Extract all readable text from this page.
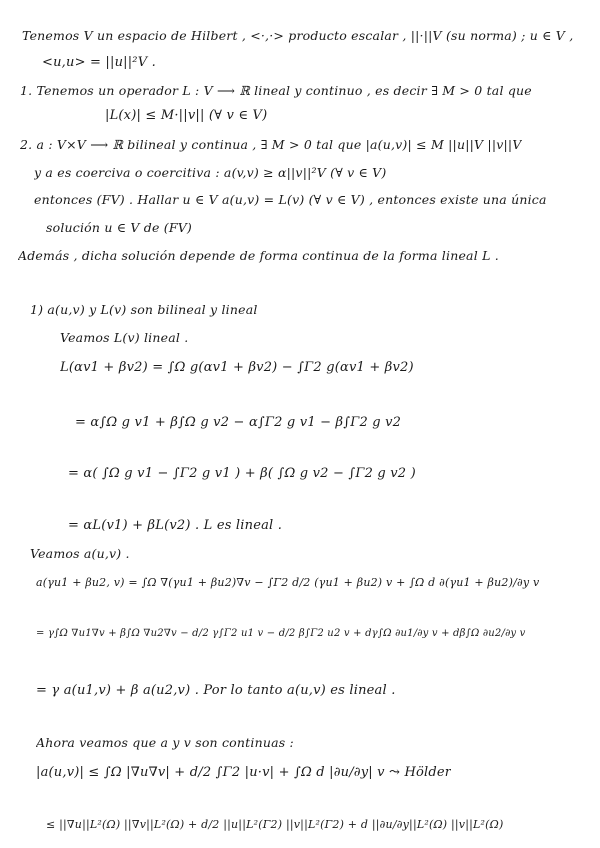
Tenemos V un espacio de Hilbert , <·,·> producto escalar , ||·||V (su norma) ; u ∈ V ,
<u,u> = ||u||²V .
1. Tenemos un operador L : V ⟶ ℝ lineal y continuo , es decir ∃ M > 0 tal que
|L(x)| ≤ M·||v|| (∀ v ∈ V)
2. a : V×V ⟶ ℝ bilineal y continua , ∃ M > 0 tal que |a(u,v)| ≤ M ||u||V ||v||V
y a es coerciva o coercitiva : a(v,v) ≥ α||v||²V (∀ v ∈ V)
entonces (FV) . Hallar u ∈ V a(u,v) = L(v) (∀ v ∈ V) , entonces existe una única
solución u ∈ V de (FV)
Además , dicha solución depende de forma continua de la forma lineal L .
1) a(u,v) y L(v) son bilineal y lineal
Veamos L(v) lineal .
L(αv1 + βv2) = ∫Ω g(αv1 + βv2) − ∫Γ2 g(αv1 + βv2)
= α∫Ω g v1 + β∫Ω g v2 − α∫Γ2 g v1 − β∫Γ2 g v2
= α( ∫Ω g v1 − ∫Γ2 g v1 ) + β( ∫Ω g v2 − ∫Γ2 g v2 )
= αL(v1) + βL(v2) . L es lineal .
Veamos a(u,v) .
a(γu1 + βu2, v) = ∫Ω ∇(γu1 + βu2)∇v − ∫Γ2 d/2 (γu1 + βu2) v + ∫Ω d ∂(γu1 + βu2)/∂y v
= γ∫Ω ∇u1∇v + β∫Ω ∇u2∇v − d/2 γ∫Γ2 u1 v − d/2 β∫Γ2 u2 v + dγ∫Ω ∂u1/∂y v + dβ∫Ω ∂u2/∂y v
= γ a(u1,v) + β a(u2,v) . Por lo tanto a(u,v) es lineal .
Ahora veamos que a y v son continuas :
|a(u,v)| ≤ ∫Ω |∇u∇v| + d/2 ∫Γ2 |u·v| + ∫Ω d |∂u/∂y| v ⤳ Hölder
≤ ||∇u||L²(Ω) ||∇v||L²(Ω) + d/2 ||u||L²(Γ2) ||v||L²(Γ2) + d ||∂u/∂y||L²(Ω) ||v||L²(Ω)
